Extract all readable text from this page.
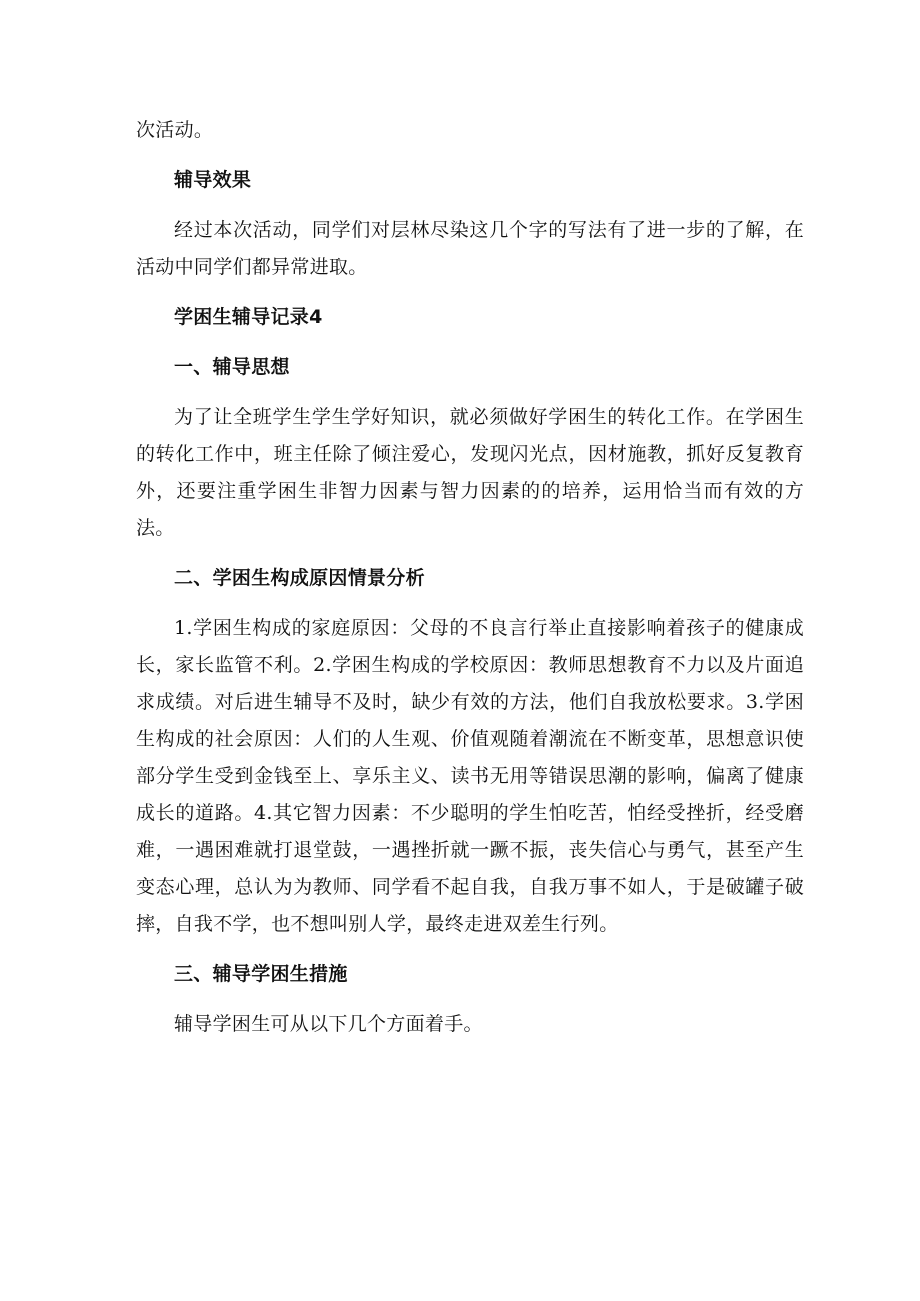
次活动。

辅导效果

经过本次活动，同学们对层林尽染这几个字的写法有了进一步的了解，在活动中同学们都异常进取。

学困生辅导记录4

一、辅导思想

为了让全班学生学生学好知识，就必须做好学困生的转化工作。在学困生的转化工作中，班主任除了倾注爱心，发现闪光点，因材施教，抓好反复教育外，还要注重学困生非智力因素与智力因素的的培养，运用恰当而有效的方法。

二、学困生构成原因情景分析

1.学困生构成的家庭原因：父母的不良言行举止直接影响着孩子的健康成长，家长监管不利。2.学困生构成的学校原因：教师思想教育不力以及片面追求成绩。对后进生辅导不及时，缺少有效的方法，他们自我放松要求。3.学困生构成的社会原因：人们的人生观、价值观随着潮流在不断变革，思想意识使部分学生受到金钱至上、享乐主义、读书无用等错误思潮的影响，偏离了健康成长的道路。4.其它智力因素：不少聪明的学生怕吃苦，怕经受挫折，经受磨难，一遇困难就打退堂鼓，一遇挫折就一蹶不振，丧失信心与勇气，甚至产生变态心理，总认为为教师、同学看不起自我，自我万事不如人，于是破罐子破摔，自我不学，也不想叫别人学，最终走进双差生行列。

三、辅导学困生措施

辅导学困生可从以下几个方面着手。
